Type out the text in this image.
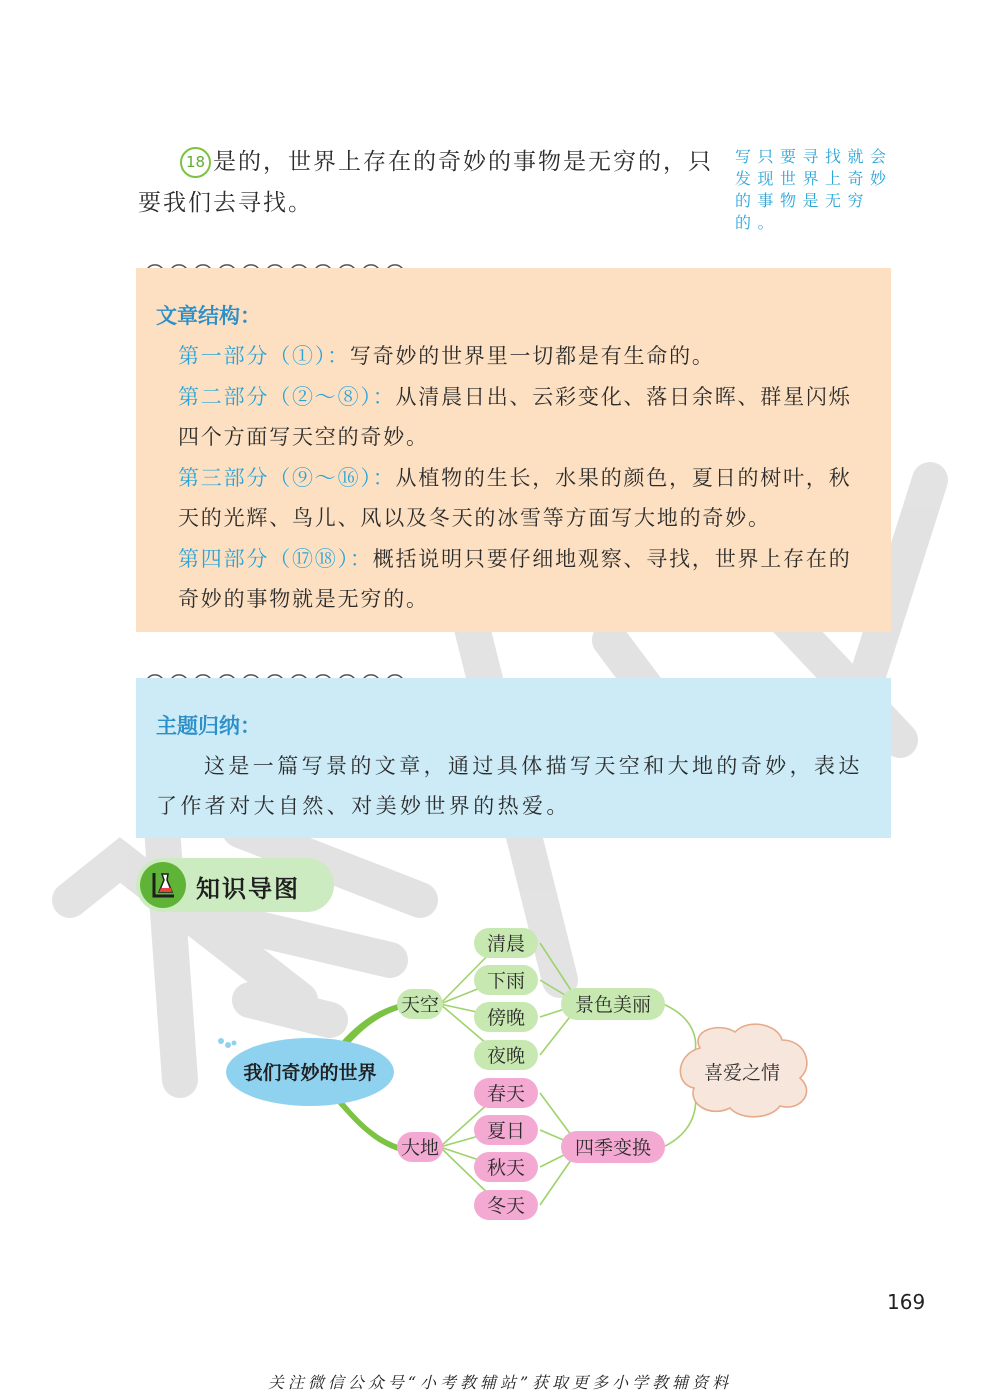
18 是的，世界上存在的奇妙的事物是无穷的，只要我们去寻找。
写只要寻找就会发现世界上奇妙的事物是无穷的。
文章结构：
第一部分（①）：写奇妙的世界里一切都是有生命的。
第二部分（②～⑧）：从清晨日出、云彩变化、落日余晖、群星闪烁四个方面写天空的奇妙。
第三部分（⑨～⑯）：从植物的生长，水果的颜色，夏日的树叶，秋天的光辉、鸟儿、风以及冬天的冰雪等方面写大地的奇妙。
第四部分（⑰⑱）：概括说明只要仔细地观察、寻找，世界上存在的奇妙的事物就是无穷的。
主题归纳：
这是一篇写景的文章，通过具体描写天空和大地的奇妙，表达了作者对大自然、对美妙世界的热爱。
知识导图
我们奇妙的世界
天空
清晨
下雨
傍晚
夜晚
景色美丽
大地
春天
夏日
秋天
冬天
四季变换
喜爱之情
169
关注微信公众号“小考教辅站”获取更多小学教辅资料
